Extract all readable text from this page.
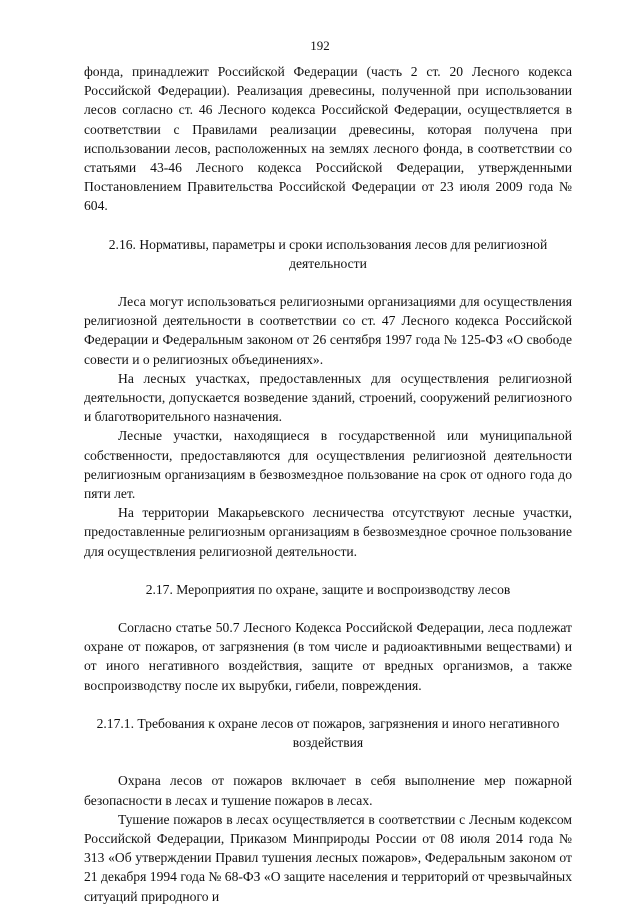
192

фонда, принадлежит Российской Федерации (часть 2 ст. 20 Лесного кодекса Российской Федерации). Реализация древесины, полученной при использовании лесов согласно ст. 46 Лесного кодекса Российской Федерации, осуществляется в соответствии с Правилами реализации древесины, которая получена при использовании лесов, расположенных на землях лесного фонда, в соответствии со статьями 43-46 Лесного кодекса Российской Федерации, утвержденными Постановлением Правительства Российской Федерации от 23 июля 2009 года № 604.

2.16. Нормативы, параметры и сроки использования лесов для религиозной деятельности

Леса могут использоваться религиозными организациями для осуществления религиозной деятельности в соответствии со ст. 47 Лесного кодекса Российской Федерации и Федеральным законом от 26 сентября 1997 года № 125-ФЗ «О свободе совести и о религиозных объединениях».

На лесных участках, предоставленных для осуществления религиозной деятельности, допускается возведение зданий, строений, сооружений религиозного и благотворительного назначения.

Лесные участки, находящиеся в государственной или муниципальной собственности, предоставляются для осуществления религиозной деятельности религиозным организациям в безвозмездное пользование на срок от одного года до пяти лет.

На территории Макарьевского лесничества отсутствуют лесные участки, предоставленные религиозным организациям в безвозмездное срочное пользование для осуществления религиозной деятельности.

2.17. Мероприятия по охране, защите и воспроизводству лесов

Согласно статье 50.7 Лесного Кодекса Российской Федерации, леса подлежат охране от пожаров, от загрязнения (в том числе и радиоактивными веществами) и от иного негативного воздействия, защите от вредных организмов, а также воспроизводству после их вырубки, гибели, повреждения.

2.17.1. Требования к охране лесов от пожаров, загрязнения и иного негативного воздействия

Охрана лесов от пожаров включает в себя выполнение мер пожарной безопасности в лесах и тушение пожаров в лесах.

Тушение пожаров в лесах осуществляется в соответствии с Лесным кодексом Российской Федерации, Приказом Минприроды России от 08 июля 2014 года № 313 «Об утверждении Правил тушения лесных пожаров», Федеральным законом от 21 декабря 1994 года № 68-ФЗ «О защите населения и территорий от чрезвычайных ситуаций природного и
